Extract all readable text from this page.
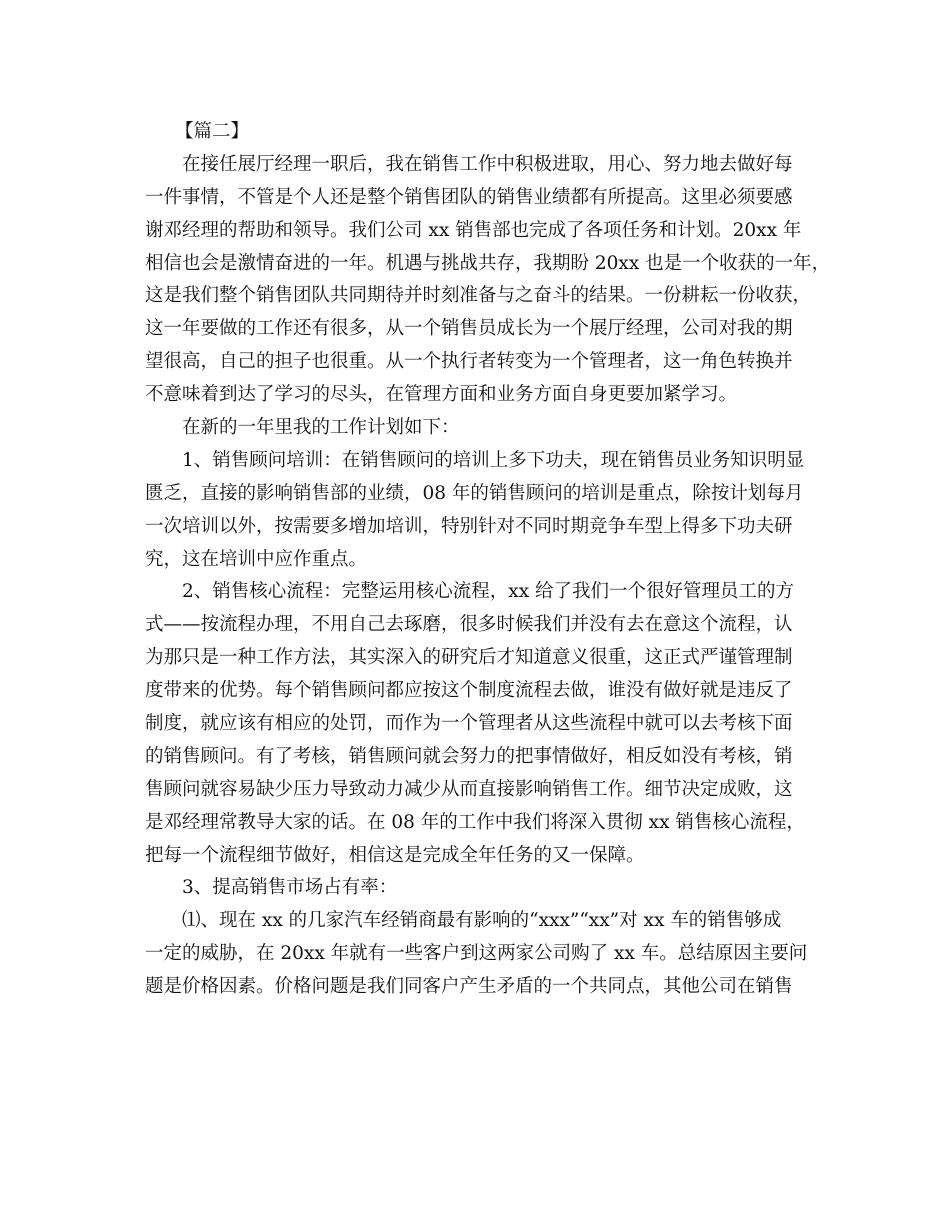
【篇二】
在接任展厅经理一职后，我在销售工作中积极进取，用心、努力地去做好每
一件事情，不管是个人还是整个销售团队的销售业绩都有所提高。这里必须要感
谢邓经理的帮助和领导。我们公司 xx 销售部也完成了各项任务和计划。20xx 年
相信也会是激情奋进的一年。机遇与挑战共存，我期盼 20xx 也是一个收获的一年，
这是我们整个销售团队共同期待并时刻准备与之奋斗的结果。一份耕耘一份收获，
这一年要做的工作还有很多，从一个销售员成长为一个展厅经理，公司对我的期
望很高，自己的担子也很重。从一个执行者转变为一个管理者，这一角色转换并
不意味着到达了学习的尽头，在管理方面和业务方面自身更要加紧学习。
在新的一年里我的工作计划如下：
1、销售顾问培训：在销售顾问的培训上多下功夫，现在销售员业务知识明显
匮乏，直接的影响销售部的业绩，08 年的销售顾问的培训是重点，除按计划每月
一次培训以外，按需要多增加培训，特别针对不同时期竞争车型上得多下功夫研
究，这在培训中应作重点。
2、销售核心流程：完整运用核心流程，xx 给了我们一个很好管理员工的方
式——按流程办理，不用自己去琢磨，很多时候我们并没有去在意这个流程，认
为那只是一种工作方法，其实深入的研究后才知道意义很重，这正式严谨管理制
度带来的优势。每个销售顾问都应按这个制度流程去做，谁没有做好就是违反了
制度，就应该有相应的处罚，而作为一个管理者从这些流程中就可以去考核下面
的销售顾问。有了考核，销售顾问就会努力的把事情做好，相反如没有考核，销
售顾问就容易缺少压力导致动力减少从而直接影响销售工作。细节决定成败，这
是邓经理常教导大家的话。在 08 年的工作中我们将深入贯彻 xx 销售核心流程，
把每一个流程细节做好，相信这是完成全年任务的又一保障。
3、提高销售市场占有率：
⑴、现在 xx 的几家汽车经销商最有影响的“xxx”“xx”对 xx 车的销售够成
一定的威胁，在 20xx 年就有一些客户到这两家公司购了 xx 车。总结原因主要问
题是价格因素。价格问题是我们同客户产生矛盾的一个共同点，其他公司在销售
